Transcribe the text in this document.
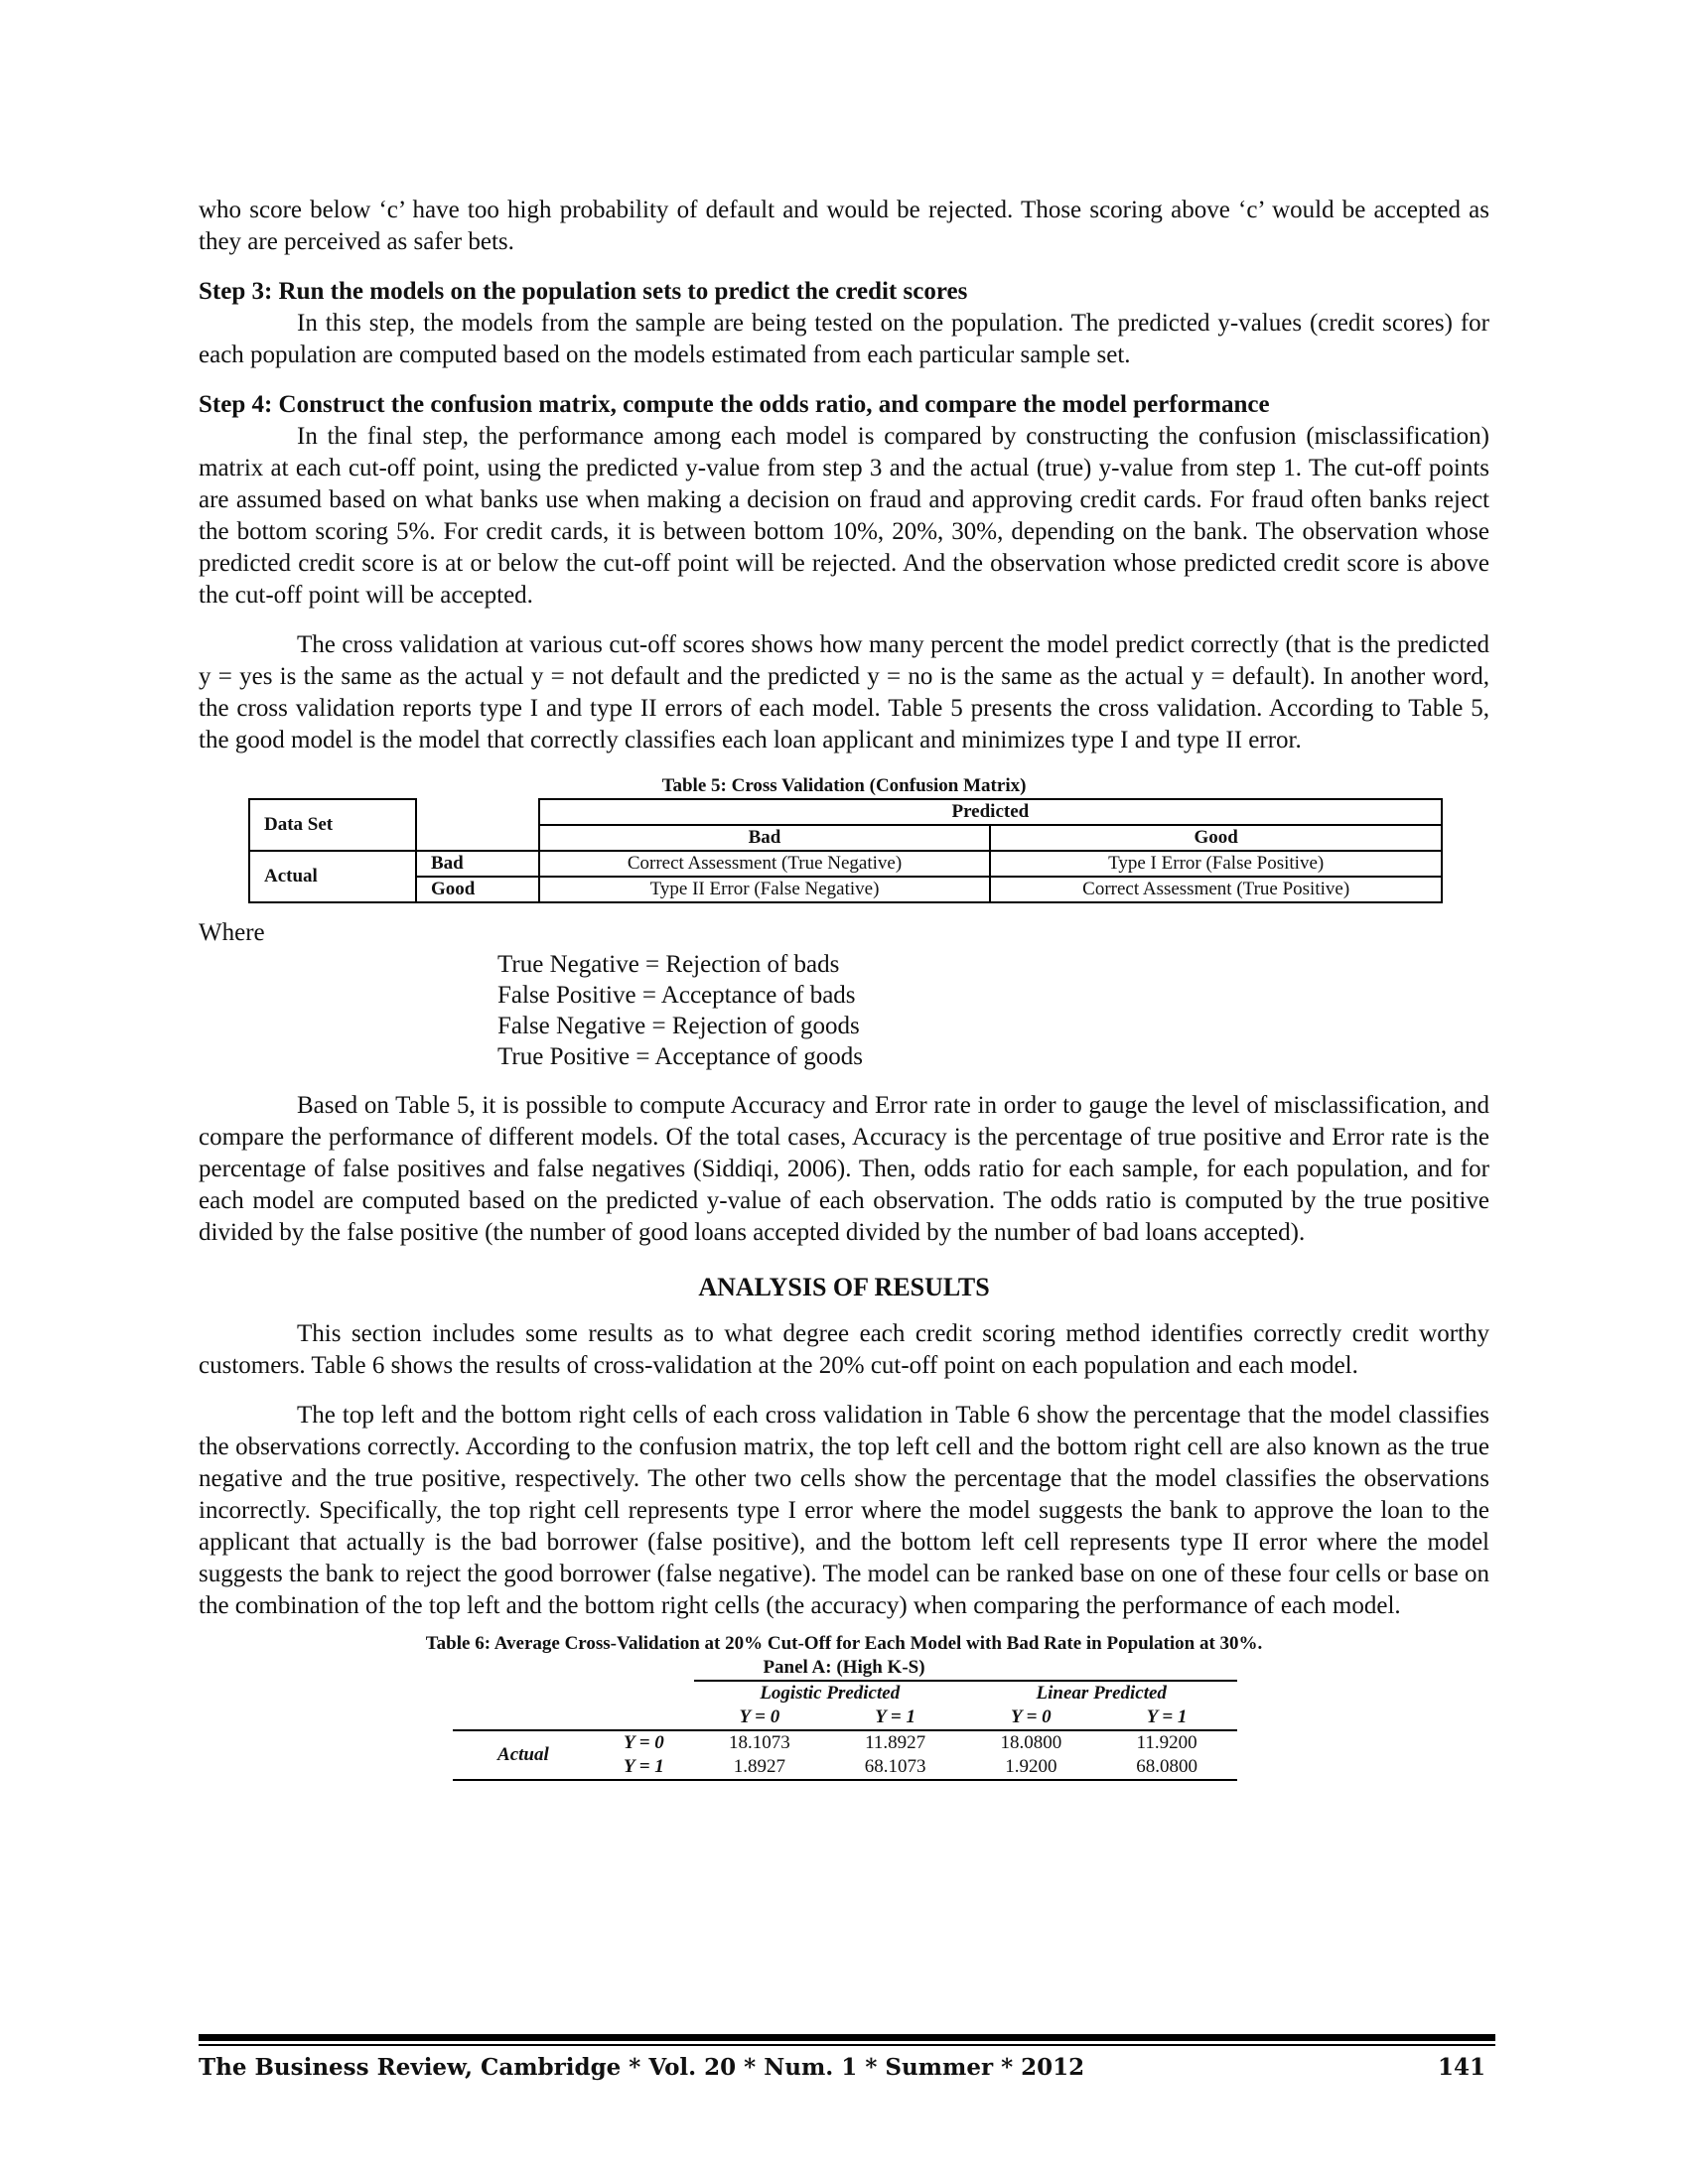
who score below ‘c’ have too high probability of default and would be rejected. Those scoring above ‘c’ would be accepted as they are perceived as safer bets.

Step 3: Run the models on the population sets to predict the credit scores

In this step, the models from the sample are being tested on the population. The predicted y-values (credit scores) for each population are computed based on the models estimated from each particular sample set.

Step 4: Construct the confusion matrix, compute the odds ratio, and compare the model performance

In the final step, the performance among each model is compared by constructing the confusion (misclassification) matrix at each cut-off point, using the predicted y-value from step 3 and the actual (true) y-value from step 1. The cut-off points are assumed based on what banks use when making a decision on fraud and approving credit cards. For fraud often banks reject the bottom scoring 5%. For credit cards, it is between bottom 10%, 20%, 30%, depending on the bank. The observation whose predicted credit score is at or below the cut-off point will be rejected. And the observation whose predicted credit score is above the cut-off point will be accepted.

The cross validation at various cut-off scores shows how many percent the model predict correctly (that is the predicted y = yes is the same as the actual y = not default and the predicted y = no is the same as the actual y = default). In another word, the cross validation reports type I and type II errors of each model. Table 5 presents the cross validation. According to Table 5, the good model is the model that correctly classifies each loan applicant and minimizes type I and type II error.

Table 5: Cross Validation (Confusion Matrix)
Data Set		Predicted	
		Bad	Good
Actual	Bad	Correct Assessment (True Negative)	Type I Error (False Positive)
	Good	Type II Error (False Negative)	Correct Assessment (True Positive)
Where
True Negative = Rejection of bads
False Positive = Acceptance of bads
False Negative = Rejection of goods
True Positive = Acceptance of goods

Based on Table 5, it is possible to compute Accuracy and Error rate in order to gauge the level of misclassification, and compare the performance of different models. Of the total cases, Accuracy is the percentage of true positive and Error rate is the percentage of false positives and false negatives (Siddiqi, 2006). Then, odds ratio for each sample, for each population, and for each model are computed based on the predicted y-value of each observation. The odds ratio is computed by the true positive divided by the false positive (the number of good loans accepted divided by the number of bad loans accepted).

ANALYSIS OF RESULTS

This section includes some results as to what degree each credit scoring method identifies correctly credit worthy customers. Table 6 shows the results of cross-validation at the 20% cut-off point on each population and each model.

The top left and the bottom right cells of each cross validation in Table 6 show the percentage that the model classifies the observations correctly. According to the confusion matrix, the top left cell and the bottom right cell are also known as the true negative and the true positive, respectively. The other two cells show the percentage that the model classifies the observations incorrectly. Specifically, the top right cell represents type I error where the model suggests the bank to approve the loan to the applicant that actually is the bad borrower (false positive), and the bottom left cell represents type II error where the model suggests the bank to reject the good borrower (false negative). The model can be ranked base on one of these four cells or base on the combination of the top left and the bottom right cells (the accuracy) when comparing the performance of each model.

Table 6: Average Cross-Validation at 20% Cut-Off for Each Model with Bad Rate in Population at 30%.
Panel A: (High K-S)
		Logistic Predicted		Linear Predicted	
		Y = 0	Y = 1	Y = 0	Y = 1
Actual	Y = 0	18.1073	11.8927	18.0800	11.9200
	Y = 1	1.8927	68.1073	1.9200	68.0800
The Business Review, Cambridge * Vol. 20 * Num. 1 * Summer * 2012	141
